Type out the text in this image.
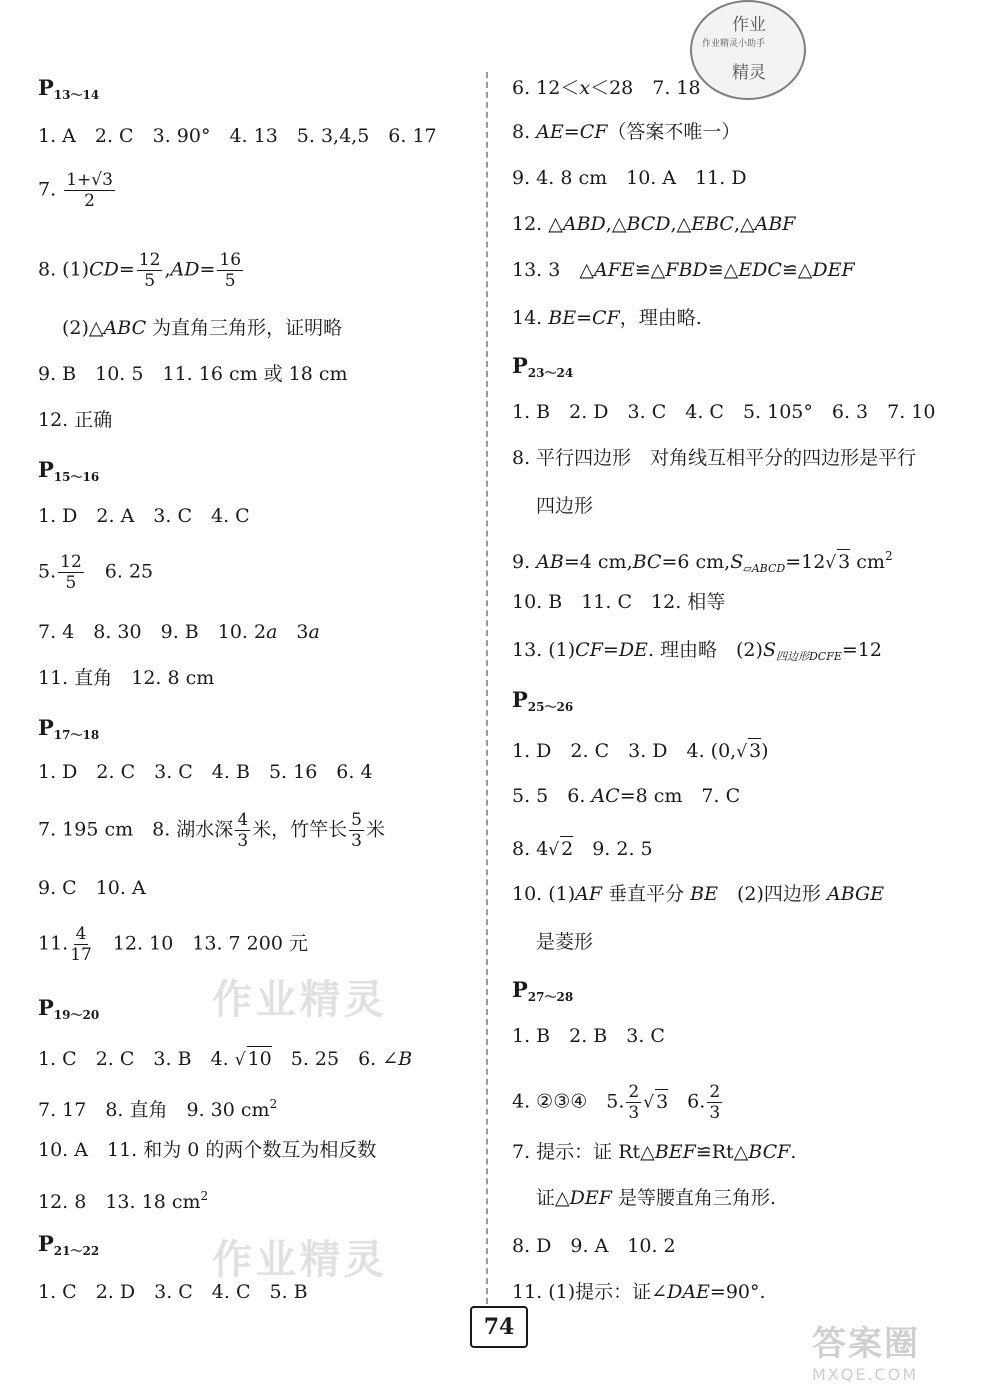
作业
作业精灵小助手
精灵
作业精灵
作业精灵
$P_{13\sim 14}$
1. A　2. C　3. 90°　4. 13　5. 3,4,5　6. 17
7. $\frac{1+√3}{2}$
8. $(1)CD= \frac{12}{5} ,AD= \frac{16}{5}$
(2)△ABC 为直角三角形，证明略
9. B　10. 5　11. 16 cm 或 18 cm
12. 正确
$P_{15\sim 16}$
1. D　2. A　3. C　4. C
5. $\frac{12}{5}$ 　6. 25
7. 4　8. 30　9. B　10. 2a　3a
11. 直角　12. 8 cm
$P_{17\sim 18}$
1. D　2. C　3. C　4. B　5. 16　6. 4
7. 195 cm　8. 湖水深 $\frac{4}{3}$ 米，竹竿长 $\frac{5}{3}$ 米
9. C　10. A
11. $\frac{4}{17}$ 　12. 10　13. 7 200 元
$P_{19\sim 20}$
1. C　2. C　3. B　4. √ 10　5. 25　6. ∠B
7. 17　8. 直角　9. 30 $cm^2$
10. A　11. 和为 0 的两个数互为相反数
12. 8　13. 18 $cm^2$
$P_{21\sim 22}$
1. C　2. D　3. C　4. C　5. B
6. 12＜x＜28　7. 18
8. AE=CF（答案不唯一）
9. 4. 8 cm　10. A　11. D
12. △ABD,△BCD,△EBC,△ABF
13. 3　△AFE≌△FBD≌△EDC≌△DEF
14. BE=CF，理由略.
$P_{23\sim 24}$
1. B　2. D　3. C　4. C　5. 105°　6. 3　7. 10
8. 平行四边形　对角线互相平分的四边形是平行
四边形
9. AB=4 cm,BC=6 $cm,S_{▱ABCD}=12√$ 3 $cm^2$
10. B　11. C　12. 相等
13. (1)CF=DE. 理由略　$(2)S_{四边形DCFE}=12$
$P_{25\sim 26}$
1. D　2. C　3. D　4. (0,√ 3)
5. 5　6. AC=8 cm　7. C
8. 4√ 2　9. 2. 5
10. (1)AF 垂直平分 BE　(2)四边形 ABGE
是菱形
$P_{27\sim 28}$
1. B　2. B　3. C
4. ②③④　5. $\frac{2}{3}$ √ 3　6. $\frac{2}{3}$
7. 提示：证 Rt△BEF≌Rt△BCF.
证△DEF 是等腰直角三角形.
8. D　9. A　10. 2
11. (1)提示：证∠DAE=90°.
74	答案圈
MXQE.COM
